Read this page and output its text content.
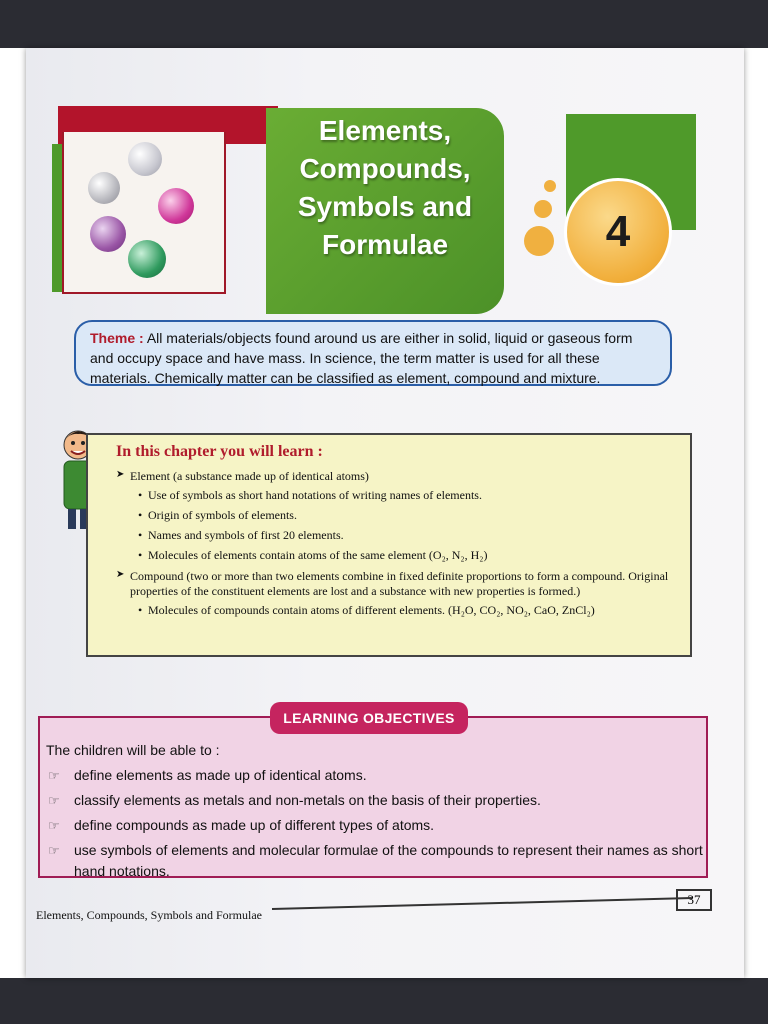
Elements,
Compounds,
Symbols and
Formulae	4
Theme : All materials/objects found around us are either in solid, liquid or gaseous form and occupy space and have mass. In science, the term matter is used for all these materials. Chemically matter can be classified as element, compound and mixture.
In this chapter you will learn :
➤ Element (a substance made up of identical atoms)
• Use of symbols as short hand notations of writing names of elements.
• Origin of symbols of elements.
• Names and symbols of first 20 elements.
• Molecules of elements contain atoms of the same element (O₂, N₂, H₂)
➤ Compound (two or more than two elements combine in fixed definite proportions to form a compound. Original properties of the constituent elements are lost and a substance with new properties is formed.)
• Molecules of compounds contain atoms of different elements. (H₂O, CO₂, NO₂, CaO, ZnCl₂)
LEARNING OBJECTIVES
The children will be able to :
☞ define elements as made up of identical atoms.
☞ classify elements as metals and non-metals on the basis of their properties.
☞ define compounds as made up of different types of atoms.
☞ use symbols of elements and molecular formulae of the compounds to represent their names as short hand notations.
Elements, Compounds, Symbols and Formulae
37
